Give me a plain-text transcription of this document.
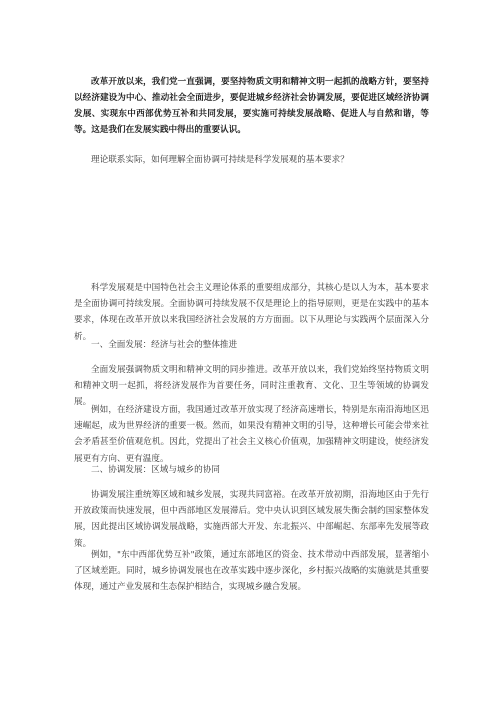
改革开放以来，我们党一直强调，要坚持物质文明和精神文明一起抓的战略方针，要坚持以经济建设为中心、推动社会全面进步，要促进城乡经济社会协调发展，要促进区域经济协调发展、实现东中西部优势互补和共同发展，要实施可持续发展战略、促进人与自然和谐，等等。这是我们在发展实践中得出的重要认识。

理论联系实际，如何理解全面协调可持续是科学发展观的基本要求？

科学发展观是中国特色社会主义理论体系的重要组成部分，其核心是以人为本，基本要求是全面协调可持续发展。全面协调可持续发展不仅是理论上的指导原则，更是在实践中的基本要求，体现在改革开放以来我国经济社会发展的方方面面。以下从理论与实践两个层面深入分析。

一、全面发展：经济与社会的整体推进

全面发展强调物质文明和精神文明的同步推进。改革开放以来，我们党始终坚持物质文明和精神文明一起抓，将经济发展作为首要任务，同时注重教育、文化、卫生等领域的协调发展。

例如，在经济建设方面，我国通过改革开放实现了经济高速增长，特别是东南沿海地区迅速崛起，成为世界经济的重要一极。然而，如果没有精神文明的引导，这种增长可能会带来社会矛盾甚至价值观危机。因此，党提出了社会主义核心价值观，加强精神文明建设，使经济发展更有方向、更有温度。

二、协调发展：区域与城乡的协同

协调发展注重统筹区域和城乡发展，实现共同富裕。在改革开放初期，沿海地区由于先行开放政策而快速发展，但中西部地区发展滞后。党中央认识到区域发展失衡会制约国家整体发展，因此提出区域协调发展战略，实施西部大开发、东北振兴、中部崛起、东部率先发展等政策。

例如，"东中西部优势互补"政策，通过东部地区的资金、技术带动中西部发展，显著缩小了区域差距。同时，城乡协调发展也在改革实践中逐步深化，乡村振兴战略的实施就是其重要体现，通过产业发展和生态保护相结合，实现城乡融合发展。
